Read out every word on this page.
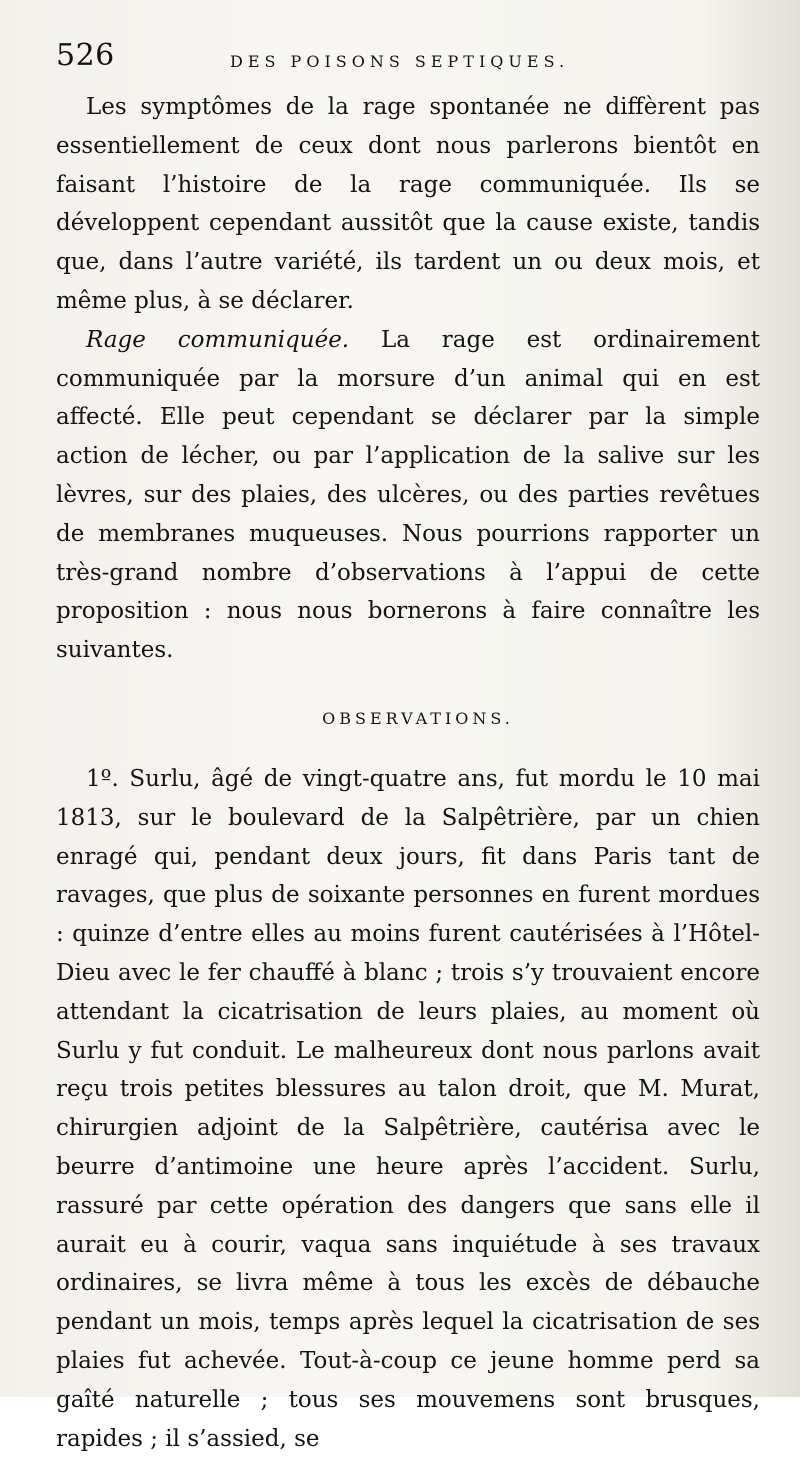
526	DES POISONS SEPTIQUES.

Les symptômes de la rage spontanée ne diffèrent pas essentiellement de ceux dont nous parlerons bientôt en faisant l’histoire de la rage communiquée. Ils se développent cependant aussitôt que la cause existe, tandis que, dans l’autre variété, ils tardent un ou deux mois, et même plus, à se déclarer.

Rage communiquée. La rage est ordinairement communiquée par la morsure d’un animal qui en est affecté. Elle peut cependant se déclarer par la simple action de lécher, ou par l’application de la salive sur les lèvres, sur des plaies, des ulcères, ou des parties revêtues de membranes muqueuses. Nous pourrions rapporter un très-grand nombre d’observations à l’appui de cette proposition : nous nous bornerons à faire connaître les suivantes.

OBSERVATIONS.

1º. Surlu, âgé de vingt-quatre ans, fut mordu le 10 mai 1813, sur le boulevard de la Salpêtrière, par un chien enragé qui, pendant deux jours, fit dans Paris tant de ravages, que plus de soixante personnes en furent mordues : quinze d’entre elles au moins furent cautérisées à l’Hôtel-Dieu avec le fer chauffé à blanc ; trois s’y trouvaient encore attendant la cicatrisation de leurs plaies, au moment où Surlu y fut conduit. Le malheureux dont nous parlons avait reçu trois petites blessures au talon droit, que M. Murat, chirurgien adjoint de la Salpêtrière, cautérisa avec le beurre d’antimoine une heure après l’accident. Surlu, rassuré par cette opération des dangers que sans elle il aurait eu à courir, vaqua sans inquiétude à ses travaux ordinaires, se livra même à tous les excès de débauche pendant un mois, temps après lequel la cicatrisation de ses plaies fut achevée. Tout-à-coup ce jeune homme perd sa gaîté naturelle ; tous ses mouvemens sont brusques, rapides ; il s’assied, se
